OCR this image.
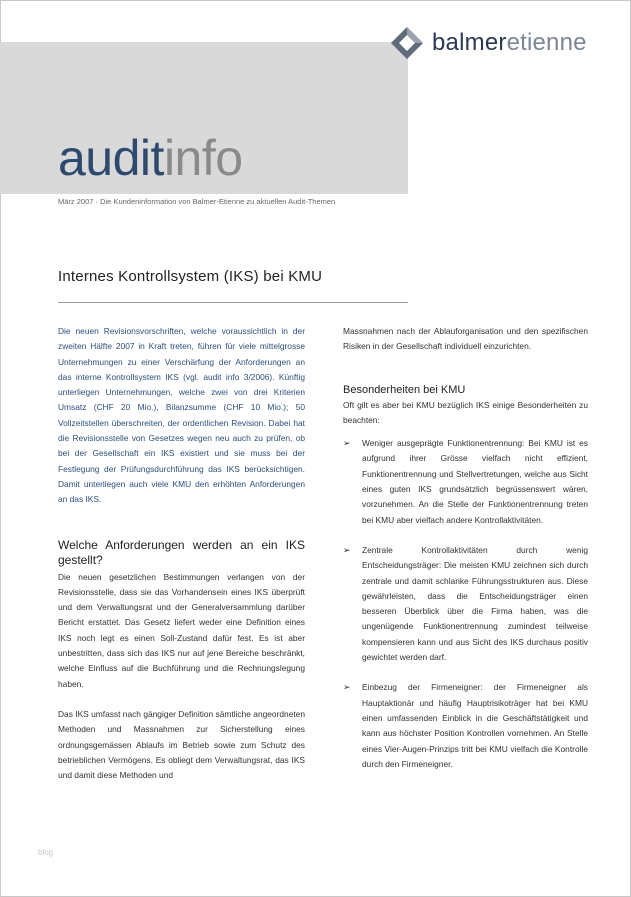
balmeretienne
auditinfo
März 2007 · Die Kundeninformation von Balmer-Etienne zu aktuellen Audit-Themen
Internes Kontrollsystem (IKS) bei KMU

Die neuen Revisionsvorschriften, welche voraussichtlich in der zweiten Hälfte 2007 in Kraft treten, führen für viele mittelgrosse Unternehmungen zu einer Verschärfung der Anforderungen an das interne Kontrollsystem IKS (vgl. audit info 3/2006). Künftig unterliegen Unternehmungen, welche zwei von drei Kriterien Umsatz (CHF 20 Mio.), Bilanzsumme (CHF 10 Mio.); 50 Vollzeitstellen überschreiten, der ordentlichen Revision. Dabei hat die Revisionsstelle von Gesetzes wegen neu auch zu prüfen, ob bei der Gesellschaft ein IKS existiert und sie muss bei der Festlegung der Prüfungsdurchführung das IKS berücksichtigen. Damit unterliegen auch viele KMU den erhöhten Anforderungen an das IKS.

Welche Anforderungen werden an ein IKS gestellt?

Die neuen gesetzlichen Bestimmungen verlangen von der Revisionsstelle, dass sie das Vorhandensein eines IKS überprüft und dem Verwaltungsrat und der Generalversammlung darüber Bericht erstattet. Das Gesetz liefert weder eine Definition eines IKS noch legt es einen Soll-Zustand dafür fest. Es ist aber unbestritten, dass sich das IKS nur auf jene Bereiche beschränkt, welche Einfluss auf die Buchführung und die Rechnungslegung haben.

Das IKS umfasst nach gängiger Definition sämtliche angeordneten Methoden und Massnahmen zur Sicherstellung eines ordnungsgemässen Ablaufs im Betrieb sowie zum Schutz des betrieblichen Vermögens. Es obliegt dem Verwaltungsrat, das IKS und damit diese Methoden und

Massnahmen nach der Ablauforganisation und den spezifischen Risiken in der Gesellschaft individuell einzurichten.

Besonderheiten bei KMU

Oft gilt es aber bei KMU bezüglich IKS einige Besonderheiten zu beachten:

➢ Weniger ausgeprägte Funktionentrennung: Bei KMU ist es aufgrund ihrer Grösse vielfach nicht effizient, Funktionentrennung und Stellvertretungen, welche aus Sicht eines guten IKS grundsätzlich begrüssenswert wären, vorzunehmen. An die Stelle der Funktionentrennung treten bei KMU aber vielfach andere Kontrollaktivitäten.
➢ Zentrale Kontrollaktivitäten durch wenig Entscheidungsträger: Die meisten KMU zeichnen sich durch zentrale und damit schlanke Führungsstrukturen aus. Diese gewährleisten, dass die Entscheidungsträger einen besseren Überblick über die Firma haben, was die ungenügende Funktionentrennung zumindest teilweise kompensieren kann und aus Sicht des IKS durchaus positiv gewichtet werden darf.
➢ Einbezug der Firmeneigner: der Firmeneigner als Hauptaktionär und häufig Hauptrisikoträger hat bei KMU einen umfassenden Einblick in die Geschäftstätigkeit und kann aus höchster Position Kontrollen vornehmen. An Stelle eines Vier-Augen-Prinzips tritt bei KMU vielfach die Kontrolle durch den Firmeneigner.
blog
